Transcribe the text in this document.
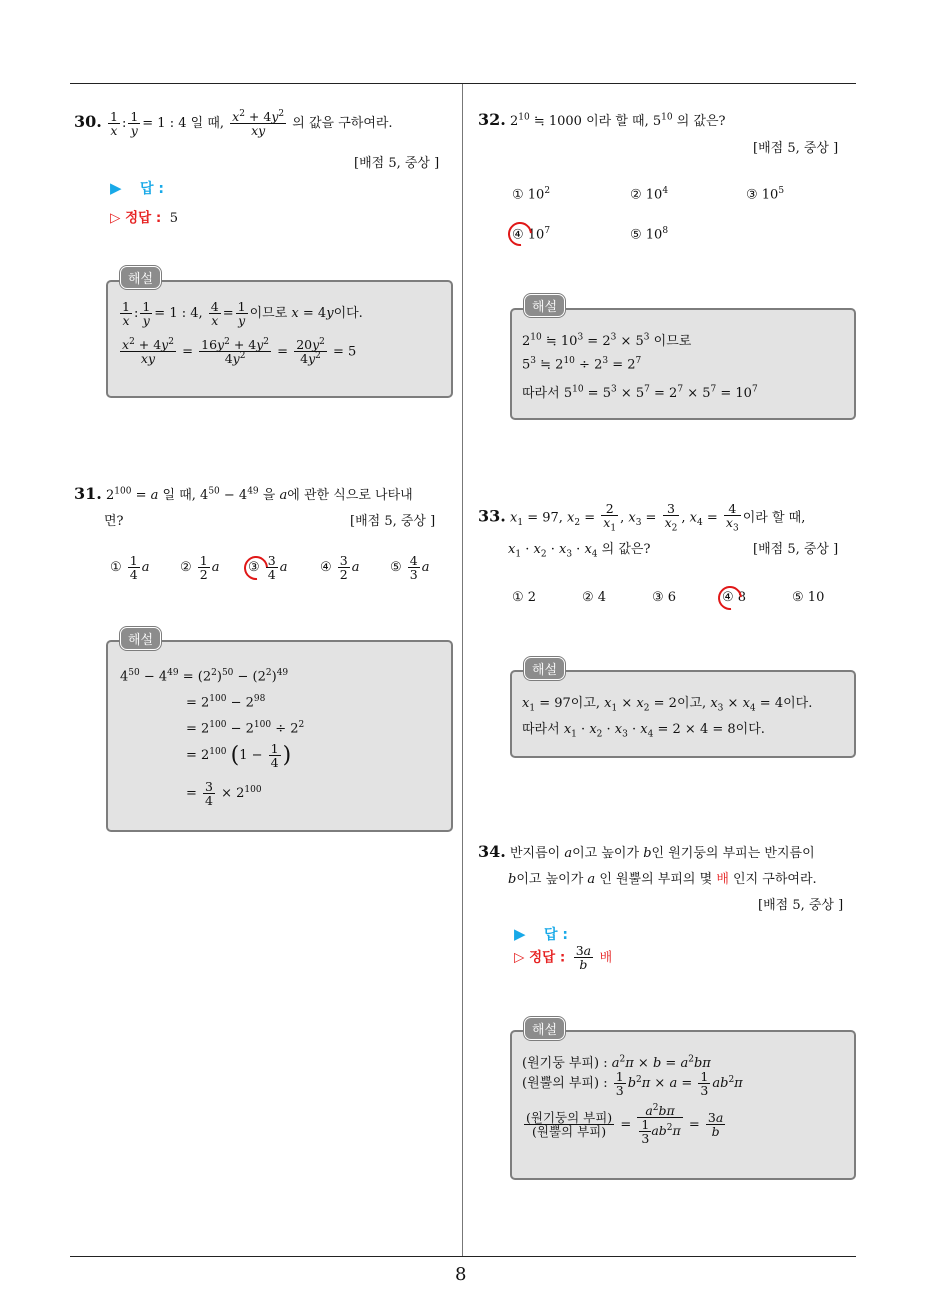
8
30. $\frac{1}{x}$ : $\frac{1}{y} = 1$ : 4 일 때, $\frac{x^2 + 4y^2}{xy}$ 의 값을 구하여라.
[배점 5, 중상 ]
▶ 답 :
▷ 정답 : 5
해설
$\frac{1}{x}$ : $\frac{1}{y} = 1$ : 4, $\frac{4}{x} = \frac{1}{y}$ 이므로 x = 4y이다.
$\frac{x^2 + 4y^2}{xy} = \frac{16y^2 + 4y^2}{4y^2} = \frac{20y^2}{4y^2} = 5$
31. $2^{100} = a$ 일 때, $4^{50} - 4^{49}$ 을 a에 관한 식으로 나타내
면?	[배점 5, 중상 ]
① $\frac{1}{4}$ a ② $\frac{1}{2}$ a ③ $\frac{3}{4}$ a ④ $\frac{3}{2}$ a ⑤ $\frac{4}{3}$ a
해설
$4^{50} - 4^{49} = (2^2)^{50} - (2^2)^{49}$
= $2^{100} - 2^{98}$
= $2^{100} - 2^{100} \div 2^2$
= $2^{100}$ ($1 - \frac{1}{4}$ )
= $\frac{3}{4} \times 2^{100}$
32. $2^{10}$ ≒ 1000 이라 할 때, $5^{10}$ 의 값은?
[배점 5, 중상 ]
① $10^2$	② $10^4$	③ $10^5$
④ $10^7$	⑤ $10^8$
해설
$2^{10}$ ≒ $10^3 = 2^3 \times 5^3$ 이므로
$5^3$ ≒ $2^{10} \div 2^3 = 2^7$
따라서 $5^{10} = 5^3 \times 5^7 = 2^7 \times 5^7 = 10^7$
33. $x_1 = 97$, $x_2 = \frac{2}{x_1}$ , $x_3 = \frac{3}{x_2}$ , $x_4 = \frac{4}{x_3}$ 이라 할 때,
$x_1 \cdot x_2 \cdot x_3 \cdot x_4$ 의 값은?	[배점 5, 중상 ]
① 2	② 4	③ 6	④ 8	⑤ 10
해설
$x_1 = 97$이고, $x_1 \times x_2 = 2$이고, $x_3 \times x_4 = 4$이다.
따라서 $x_1 \cdot x_2 \cdot x_3 \cdot x_4 = 2 \times 4 = 8$이다.
34. 반지름이 a이고 높이가 b인 원기둥의 부피는 반지름이
b이고 높이가 a 인 원뿔의 부피의 몇 배 인지 구하여라.
[배점 5, 중상 ]
▶ 답 :
▷ 정답 : $\frac{3a}{b}$ 배
해설
(원기둥 부피) : $a^2\pi \times b = a^2b\pi$
(원뿔의 부피) : $\frac{1}{3} b^2\pi \times a = \frac{1}{3} ab^2\pi$
$\frac{\text{(원기둥의 부피)}}{\text{(원뿔의 부피)}} = \frac{a^2b\pi}{\frac{1}{3} ab^2\pi} = \frac{3a}{b}$
